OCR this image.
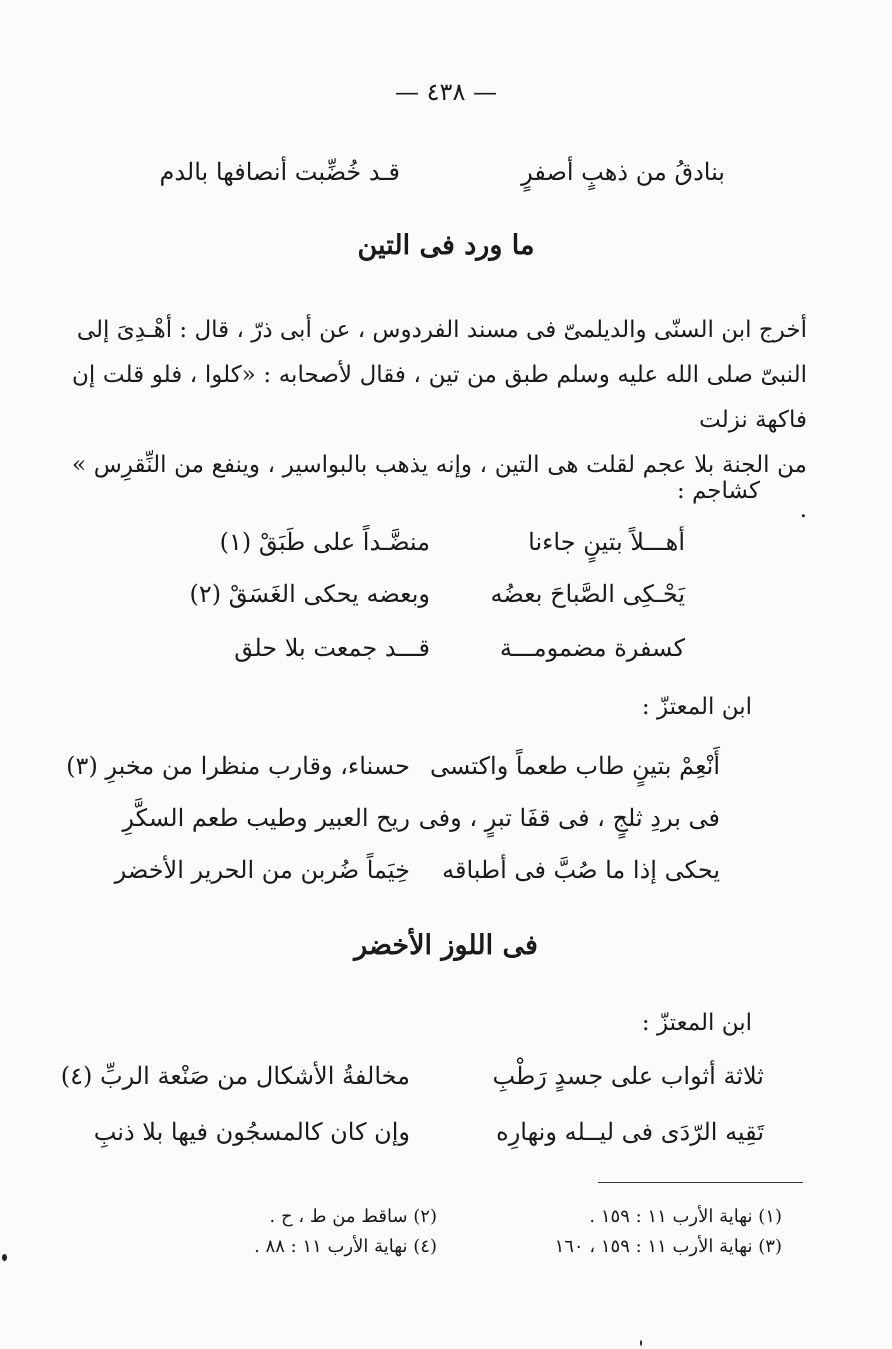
— ٤٣٨ —
بنادقُ من ذهبٍ أصفرٍ
قـد خُضِّبت أنصافها بالدم
ما ورد فى التين

أخرج ابن السنّى والديلمىّ فى مسند الفردوس ، عن أبى ذرّ ، قال : أهْـدِىَ إلى

النبىّ صلى الله عليه وسلم طبق من تين ، فقال لأصحابه : «كلوا ، فلو قلت إن فاكهة نزلت

من الجنة بلا عجم لقلت هى التين ، وإنه يذهب بالبواسير ، وينفع من النِّقرِس » .

كشاجم :
أهـــلاً بتينٍ جاءنا
منضَّـداً على طَبَقْ (١)
يَحْـكِى الصَّباحَ بعضُه
وبعضه يحكى الغَسَقْ (٢)
كسفرة مضمومـــة
قـــد جمعت بلا حلق
ابن المعتزّ :
أَنْعِمْ بتينٍ طاب طعماً واكتسى
حسناء، وقارب منظرا من مخبرِ (٣)
فى بردِ ثلجٍ ، فى قفَا تبرٍ ، وفى
ريح العبير وطيب طعم السكَّرِ
يحكى إذا ما صُبَّ فى أطباقه
خِيَماً ضُربن من الحرير الأخضر
فى اللوز الأخضر
ابن المعتزّ :
ثلاثة أثواب على جسدٍ رَطْبِ
مخالفةُ الأشكال من صَنْعة الربِّ (٤)
تَقِيه الرّدَى فى ليــله ونهارِه
وإن كان كالمسجُون فيها بلا ذنبِ
(١) نهاية الأرب ١١ : ١٥٩ .
(٢) ساقط من ط ، ح .
(٣) نهاية الأرب ١١ : ١٥٩ ، ١٦٠
(٤) نهاية الأرب ١١ : ٨٨ .
